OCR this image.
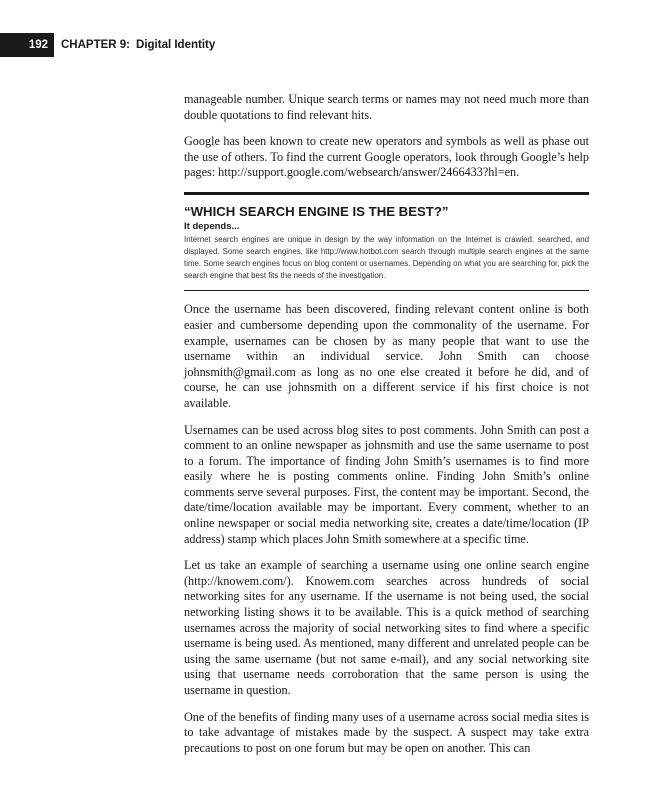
192	CHAPTER 9: Digital Identity

manageable number. Unique search terms or names may not need much more than double quotations to find relevant hits.

Google has been known to create new operators and symbols as well as phase out the use of others. To find the current Google operators, look through Google’s help pages: http://support.google.com/websearch/answer/2466433?hl=en.

“WHICH SEARCH ENGINE IS THE BEST?”
It depends...
Internet search engines are unique in design by the way information on the Internet is crawled, searched, and displayed. Some search engines, like http://www.hotbot.com search through multiple search engines at the same time. Some search engines focus on blog content or usernames. Depending on what you are searching for, pick the search engine that best fits the needs of the investigation.

Once the username has been discovered, finding relevant content online is both easier and cumbersome depending upon the commonality of the username. For example, usernames can be chosen by as many people that want to use the username within an individual service. John Smith can choose johnsmith@gmail.com as long as no one else created it before he did, and of course, he can use johnsmith on a different service if his first choice is not available.

Usernames can be used across blog sites to post comments. John Smith can post a comment to an online newspaper as johnsmith and use the same username to post to a forum. The importance of finding John Smith’s usernames is to find more easily where he is posting comments online. Finding John Smith’s online comments serve several purposes. First, the content may be important. Second, the date/time/location available may be important. Every comment, whether to an online newspaper or social media networking site, creates a date/time/location (IP address) stamp which places John Smith somewhere at a specific time.

Let us take an example of searching a username using one online search engine (http://knowem.com/). Knowem.com searches across hundreds of social networking sites for any username. If the username is not being used, the social networking listing shows it to be available. This is a quick method of searching usernames across the majority of social networking sites to find where a specific username is being used. As mentioned, many different and unrelated people can be using the same username (but not same e-mail), and any social networking site using that username needs corroboration that the same person is using the username in question.

One of the benefits of finding many uses of a username across social media sites is to take advantage of mistakes made by the suspect. A suspect may take extra precautions to post on one forum but may be open on another. This can
